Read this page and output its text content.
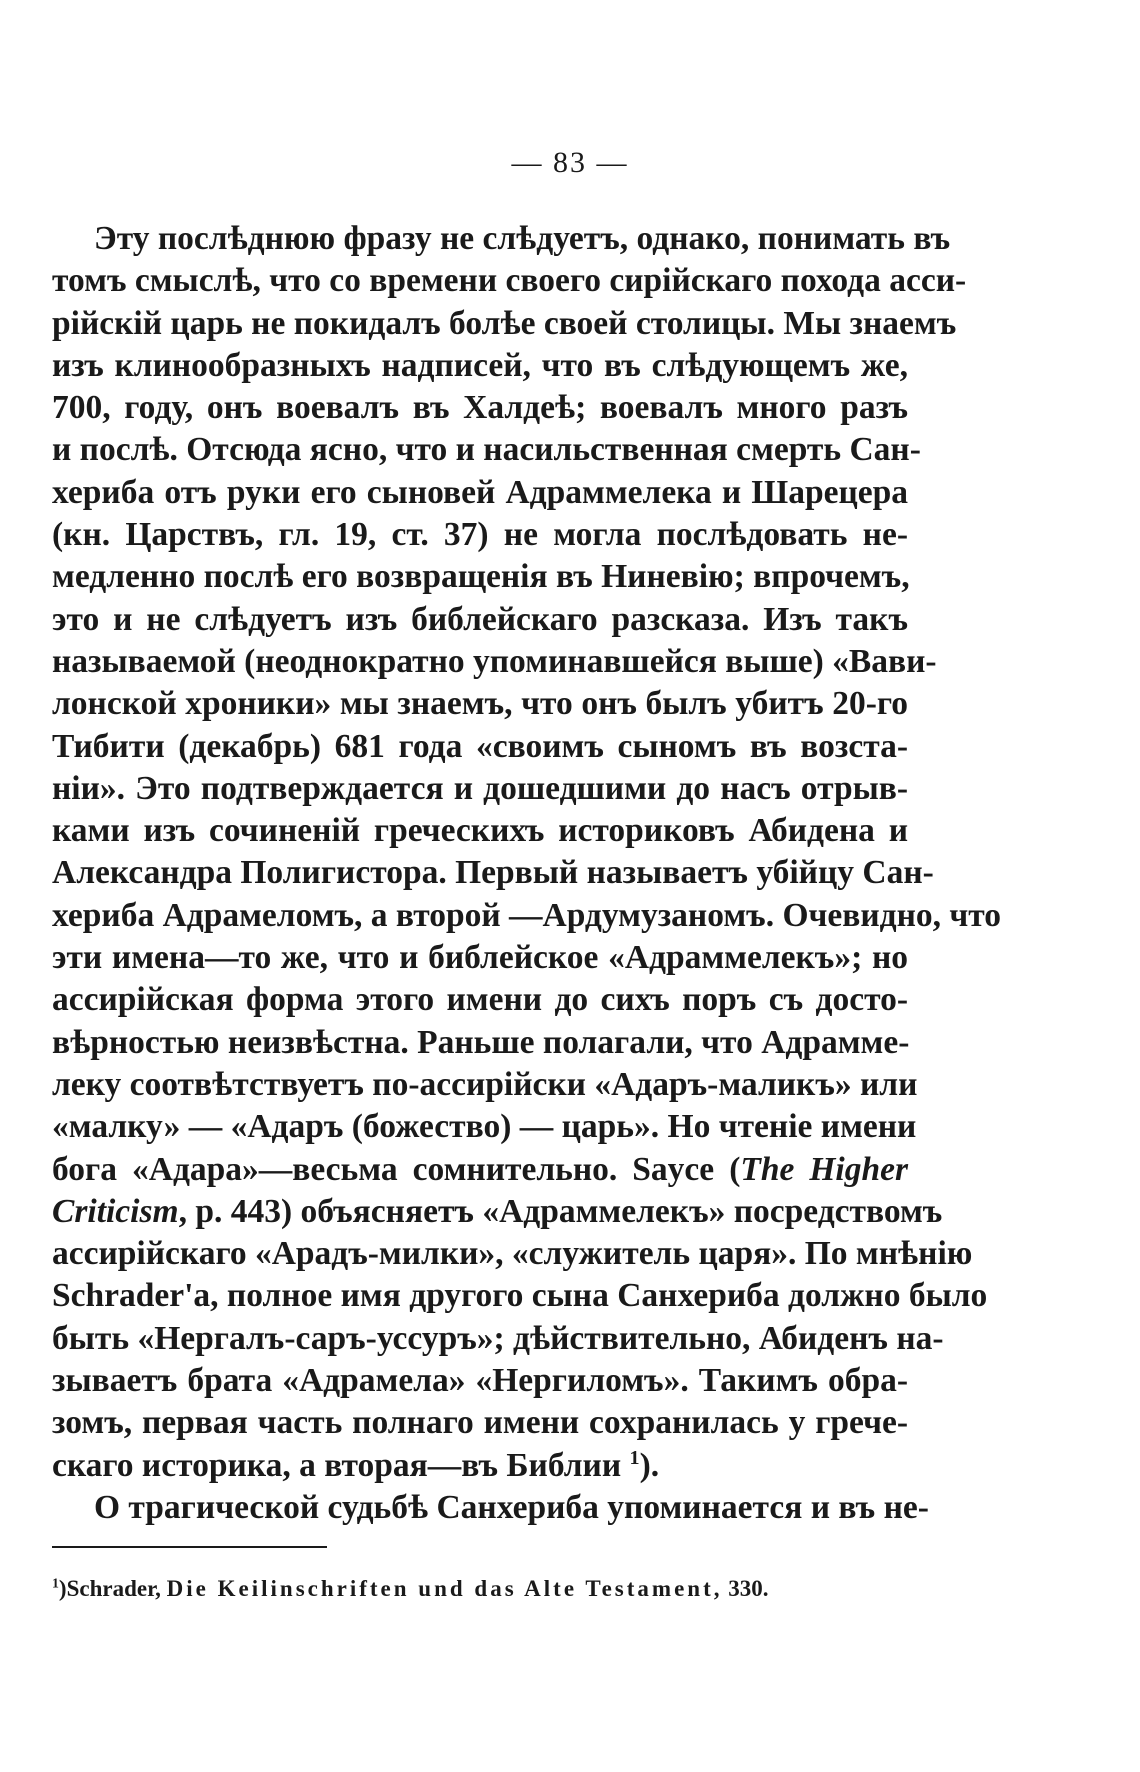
— 83 —
Эту послѣднюю фразу не слѣдуетъ, однако, понимать въ
томъ смыслѣ, что со времени своего сирійскаго похода асси-
рійскій царь не покидалъ болѣе своей столицы. Мы знаемъ
изъ клинообразныхъ надписей, что въ слѣдующемъ же,
700, году, онъ воевалъ въ Халдеѣ; воевалъ много разъ
и послѣ. Отсюда ясно, что и насильственная смерть Сан-
хериба отъ руки его сыновей Адраммелека и Шарецера
(кн. Царствъ, гл. 19, ст. 37) не могла послѣдовать не-
медленно послѣ его возвращенія въ Ниневію; впрочемъ,
это и не слѣдуетъ изъ библейскаго разсказа. Изъ такъ
называемой (неоднократно упоминавшейся выше) «Вави-
лонской хроники» мы знаемъ, что онъ былъ убитъ 20-го
Тибити (декабрь) 681 года «своимъ сыномъ въ возста-
ніи». Это подтверждается и дошедшими до насъ отрыв-
ками изъ сочиненій греческихъ историковъ Абидена и
Александра Полигистора. Первый называетъ убійцу Сан-
хериба Адрамеломъ, а второй —Ардумузаномъ. Очевидно, что
эти имена—то же, что и библейское «Адраммелекъ»; но
ассирійская форма этого имени до сихъ поръ съ досто-
вѣрностью неизвѣстна. Раньше полагали, что Адрамме-
леку соотвѣтствуетъ по-ассирійски «Адаръ-маликъ» или
«малку» — «Адаръ (божество) — царь». Но чтеніе имени
бога «Адара»—весьма сомнительно. Sayce (The Higher
Criticism, p. 443) объясняетъ «Адраммелекъ» посредствомъ
ассирійскаго «Арадъ-милки», «служитель царя». По мнѣнію
Schrader'a, полное имя другого сына Санхериба должно было
быть «Нергалъ-саръ-уссуръ»; дѣйствительно, Абиденъ на-
зываетъ брата «Адрамела» «Нергиломъ». Такимъ обра-
зомъ, первая часть полнаго имени сохранилась у грече-
скаго историка, а вторая—въ Библии $^1$).
О трагической судьбѣ Санхериба упоминается и въ не-
$^1$)Schrader, Die Keilinschriften und das Alte Testament, 330.
